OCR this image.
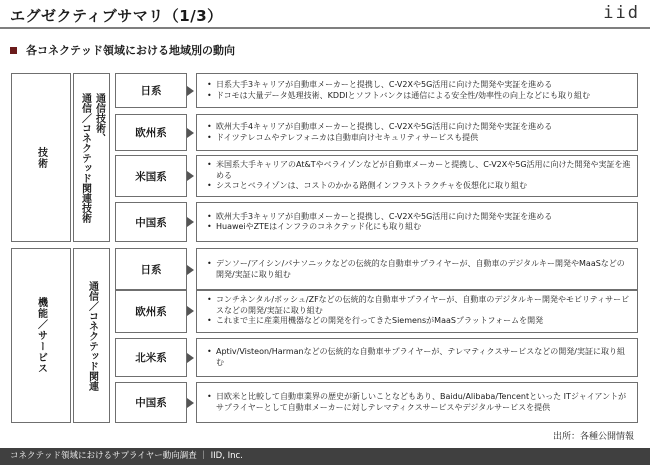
エグゼクティブサマリ（1/3）	iid
各コネクテッド領域における地域別の動向
技術
通信技術、
通信／コネクテッド関連技術
日系
• 日系大手3キャリアが自動車メーカーと提携し、C-V2Xや5G活用に向けた開発や実証を進める
• ドコモは大量データ処理技術、KDDIとソフトバンクは通信による安全性/効率性の向上などにも取り組む
欧州系
• 欧州大手4キャリアが自動車メーカーと提携し、C-V2Xや5G活用に向けた開発や実証を進める
• ドイツテレコムやテレフォニカは自動車向けセキュリティサービスも提供
米国系
• 米国系大手キャリアのAt&Tやベライゾンなどが自動車メーカーと提携し、C-V2Xや5G活用に向けた開発や実証を進める
• シスコとベライゾンは、コストのかかる路側インフラストラクチャを仮想化に取り組む
中国系
• 欧州大手3キャリアが自動車メーカーと提携し、C-V2Xや5G活用に向けた開発や実証を進める
• HuaweiやZTEはインフラのコネクテッド化にも取り組む
機能／サービス	通信／コネクテッド関連
日系
• デンソー/アイシン/パナソニックなどの伝統的な自動車サプライヤーが、自動車のデジタルキー開発やMaaSなどの開発/実証に取り組む
欧州系
• コンチネンタル/ボッシュ/ZFなどの伝統的な自動車サプライヤーが、自動車のデジタルキー開発やモビリティサービスなどの開発/実証に取り組む
• これまで主に産業用機器などの開発を行ってきたSiemensがMaaSプラットフォームを開発
北米系
• Aptiv/Visteon/Harmanなどの伝統的な自動車サプライヤーが、テレマティクスサービスなどの開発/実証に取り組む
中国系
• 日欧米と比較して自動車業界の歴史が新しいことなどもあり、Baidu/Alibaba/Tencentといった ITジャイアントがサプライヤーとして自動車メーカーに対しテレマティクスサービスやデジタルサービスを提供
出所：各種公開情報
コネクテッド領域におけるサプライヤー動向調査 ｜ IID, Inc.
